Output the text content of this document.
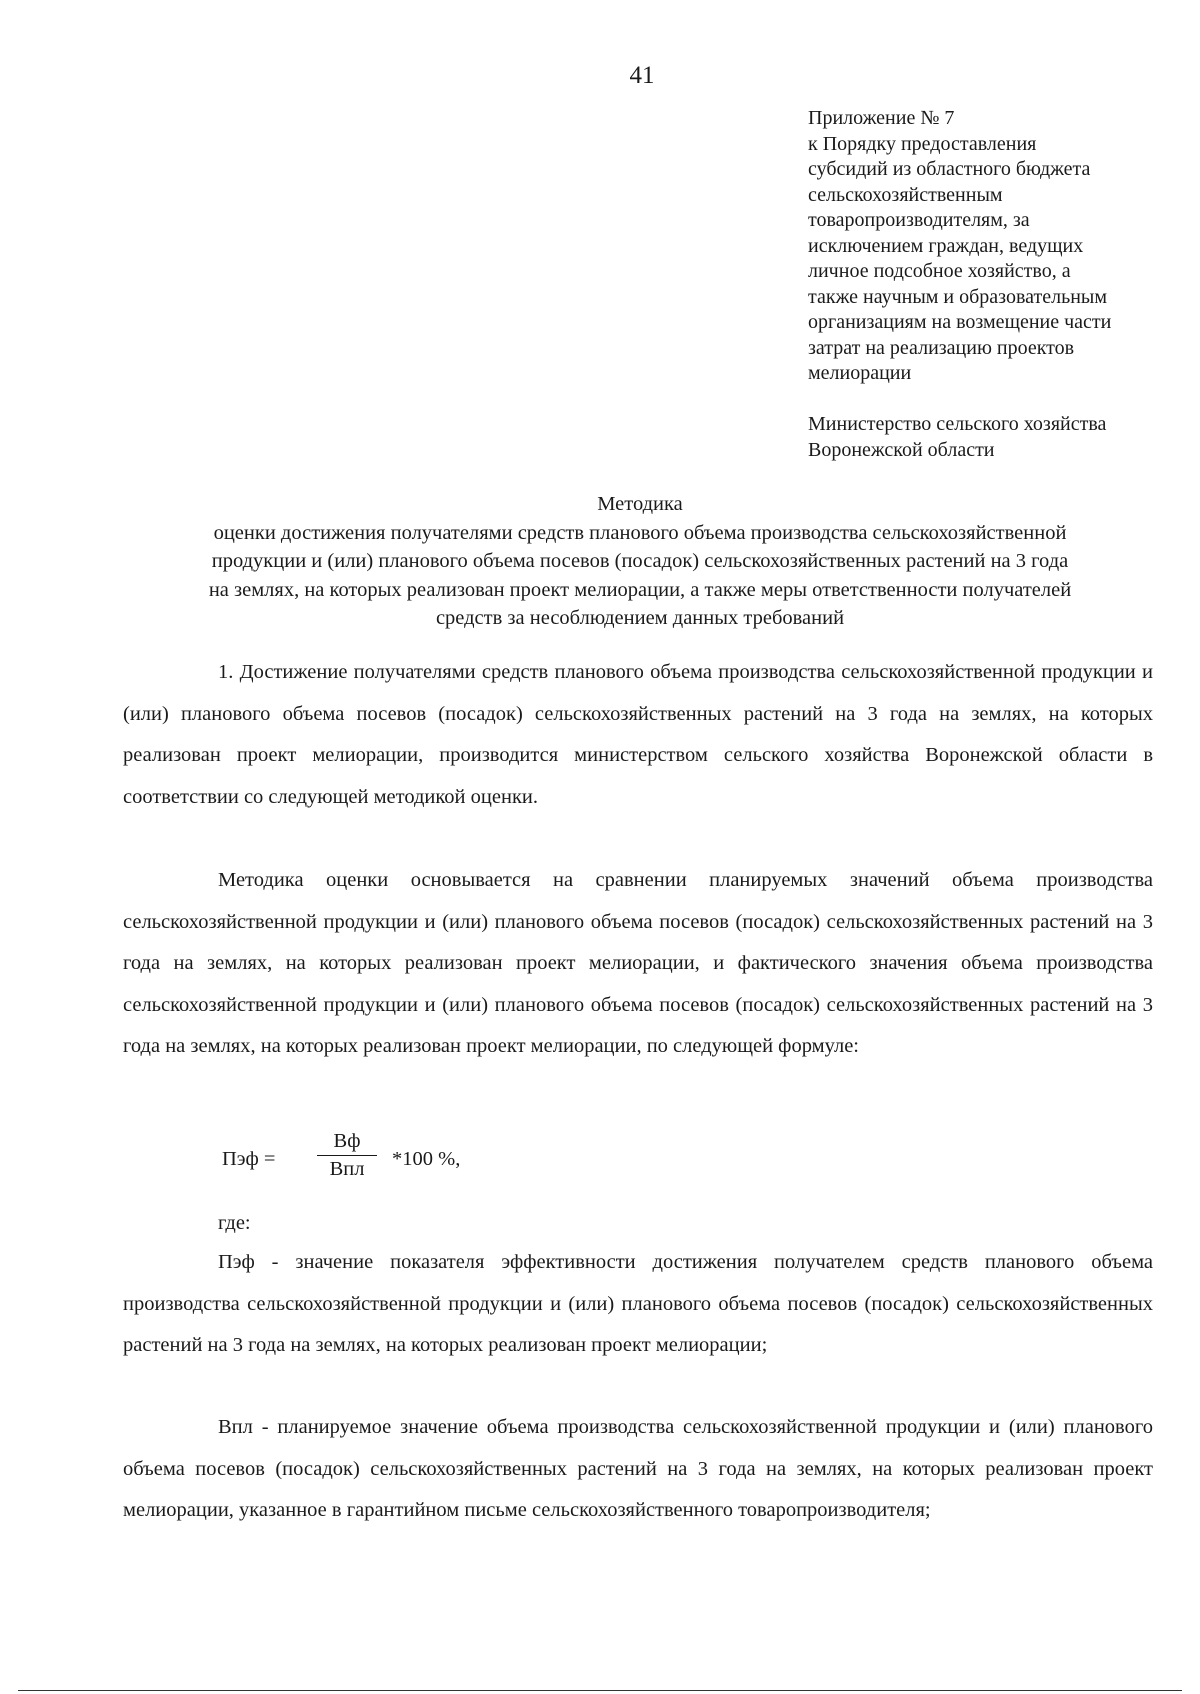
41
Приложение № 7
к Порядку предоставления
субсидий из областного бюджета
сельскохозяйственным
товаропроизводителям, за
исключением граждан, ведущих
личное подсобное хозяйство, а
также научным и образовательным
организациям на возмещение части
затрат на реализацию проектов
мелиорации
Министерство сельского хозяйства
Воронежской области
Методика
оценки достижения получателями средств планового объема производства сельскохозяйственной
продукции и (или) планового объема посевов (посадок) сельскохозяйственных растений на 3 года
на землях, на которых реализован проект мелиорации, а также меры ответственности получателей
средств за несоблюдением данных требований

1. Достижение получателями средств планового объема производства сельскохозяйственной продукции и (или) планового объема посевов (посадок) сельскохозяйственных растений на 3 года на землях, на которых реализован проект мелиорации, производится министерством сельского хозяйства Воронежской области в соответствии со следующей методикой оценки.

Методика оценки основывается на сравнении планируемых значений объема производства сельскохозяйственной продукции и (или) планового объема посевов (посадок) сельскохозяйственных растений на 3 года на землях, на которых реализован проект мелиорации, и фактического значения объема производства сельскохозяйственной продукции и (или) планового объема посевов (посадок) сельскохозяйственных растений на 3 года на землях, на которых реализован проект мелиорации, по следующей формуле:

Пэф =
Вф
Впл	*100 %,
где:

Пэф - значение показателя эффективности достижения получателем средств планового объема производства сельскохозяйственной продукции и (или) планового объема посевов (посадок) сельскохозяйственных растений на 3 года на землях, на которых реализован проект мелиорации;

Впл - планируемое значение объема производства сельскохозяйственной продукции и (или) планового объема посевов (посадок) сельскохозяйственных растений на 3 года на землях, на которых реализован проект мелиорации, указанное в гарантийном письме сельскохозяйственного товаропроизводителя;
